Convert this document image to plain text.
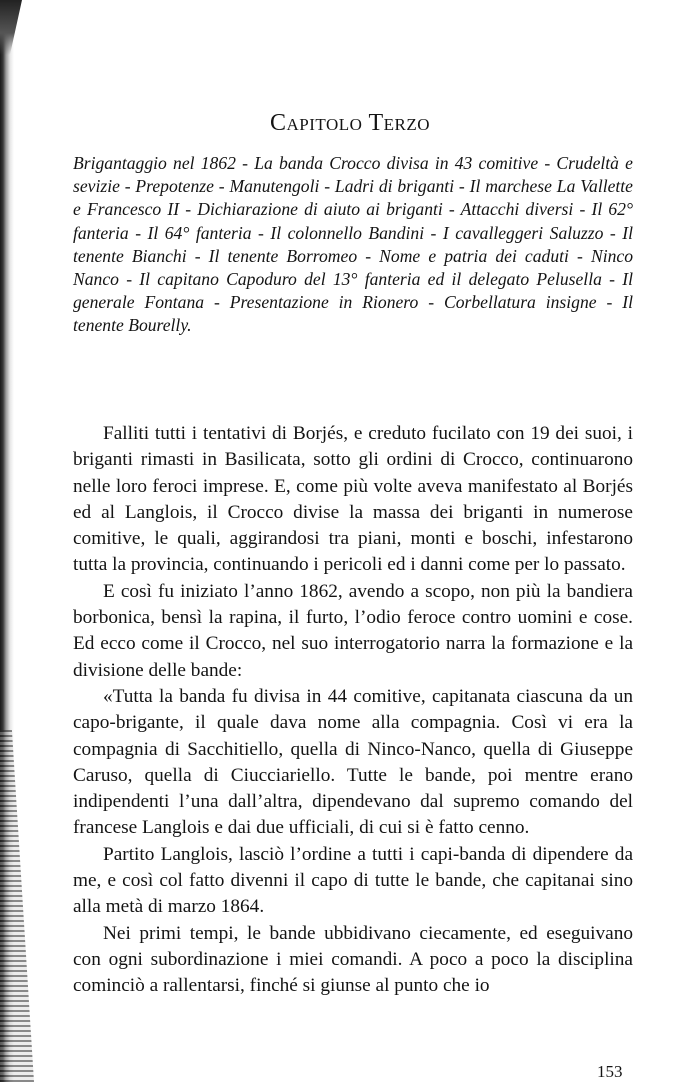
Capitolo Terzo

Brigantaggio nel 1862 - La banda Crocco divisa in 43 comitive - Crudeltà e sevizie - Prepotenze - Manutengoli - Ladri di briganti - Il marchese La Vallette e Francesco II - Dichiarazione di aiuto ai briganti - Attacchi diversi - Il 62° fanteria - Il 64° fanteria - Il colonnello Bandini - I cavalleggeri Saluzzo - Il tenente Bianchi - Il tenente Borromeo - Nome e patria dei caduti - Ninco Nanco - Il capitano Capoduro del 13° fanteria ed il delegato Pelusella - Il generale Fontana - Presentazione in Rionero - Corbellatura insigne - Il tenente Bourelly.

Falliti tutti i tentativi di Borjés, e creduto fucilato con 19 dei suoi, i briganti rimasti in Basilicata, sotto gli ordini di Crocco, continuarono nelle loro feroci imprese. E, come più volte aveva manifestato al Borjés ed al Langlois, il Crocco divise la massa dei briganti in numerose comitive, le quali, aggirandosi tra piani, monti e boschi, infestarono tutta la provincia, continuando i pericoli ed i danni come per lo passato.

E così fu iniziato l’anno 1862, avendo a scopo, non più la bandiera borbonica, bensì la rapina, il furto, l’odio feroce contro uomini e cose. Ed ecco come il Crocco, nel suo interrogatorio narra la formazione e la divisione delle bande:

«Tutta la banda fu divisa in 44 comitive, capitanata ciascuna da un capo-brigante, il quale dava nome alla compagnia. Così vi era la compagnia di Sacchitiello, quella di Ninco-Nanco, quella di Giuseppe Caruso, quella di Ciucciariello. Tutte le bande, poi mentre erano indipendenti l’una dall’altra, dipendevano dal supremo comando del francese Langlois e dai due ufficiali, di cui si è fatto cenno.

Partito Langlois, lasciò l’ordine a tutti i capi-banda di dipendere da me, e così col fatto divenni il capo di tutte le bande, che capitanai sino alla metà di marzo 1864.

Nei primi tempi, le bande ubbidivano ciecamente, ed eseguivano con ogni subordinazione i miei comandi. A poco a poco la disciplina cominciò a rallentarsi, finché si giunse al punto che io

153
